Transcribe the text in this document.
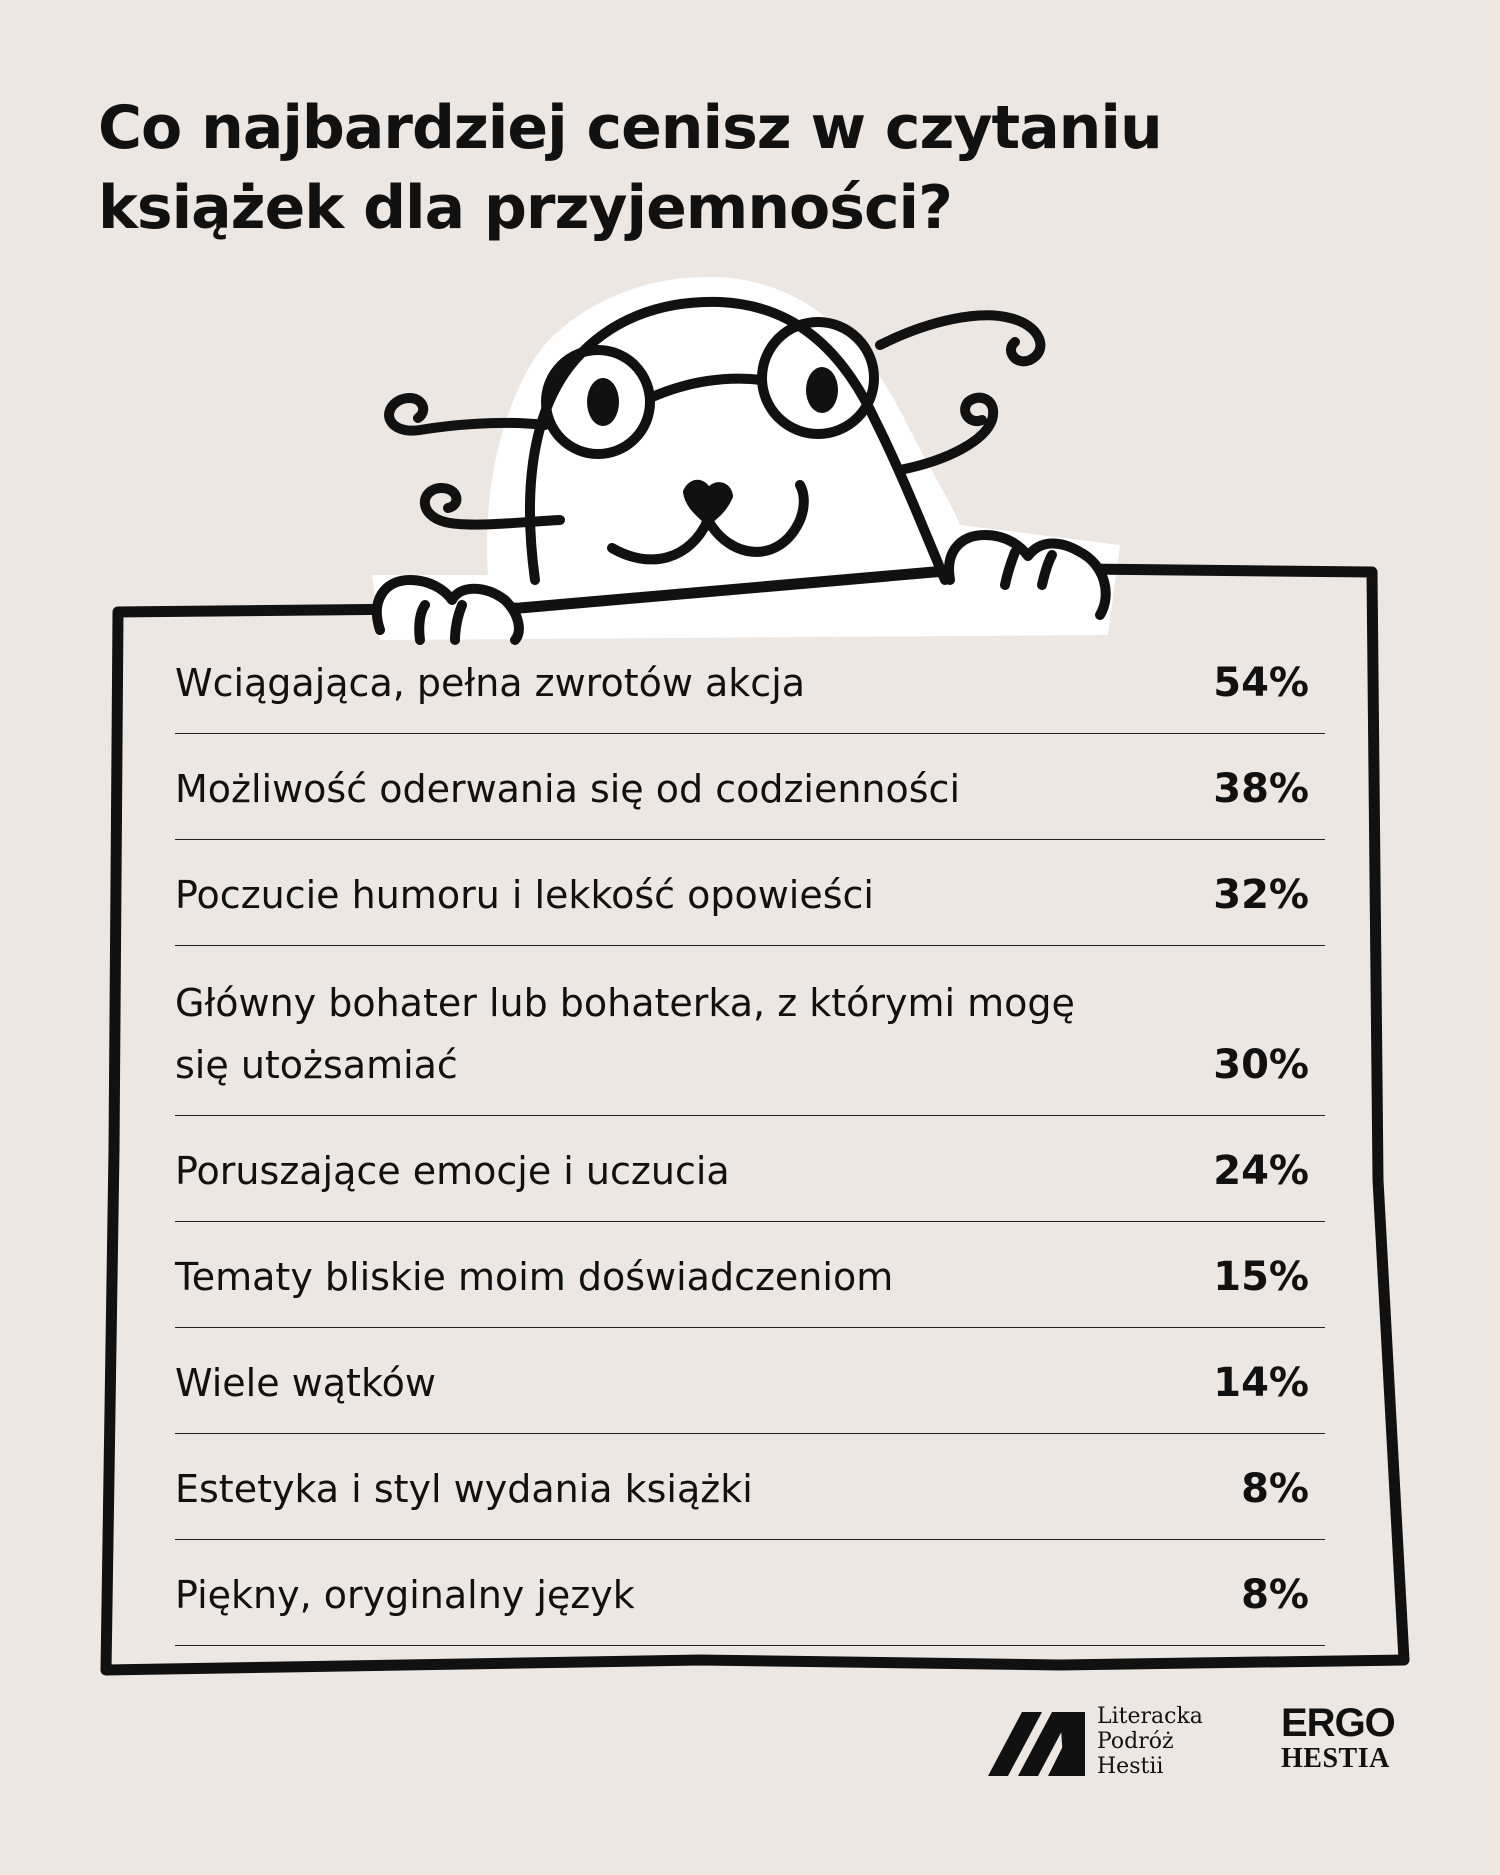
Co najbardziej cenisz w czytaniu
książek dla przyjemności?
Wciągająca, pełna zwrotów akcja	54%
Możliwość oderwania się od codzienności	38%
Poczucie humoru i lekkość opowieści	32%
Główny bohater lub bohaterka, z którymi mogę się utożsamiać	30%
Poruszające emocje i uczucia	24%
Tematy bliskie moim doświadczeniom	15%
Wiele wątków	14%
Estetyka i styl wydania książki	8%
Piękny, oryginalny język	8%
Literacka
Podróż
Hestii
ERGO
HESTIA
